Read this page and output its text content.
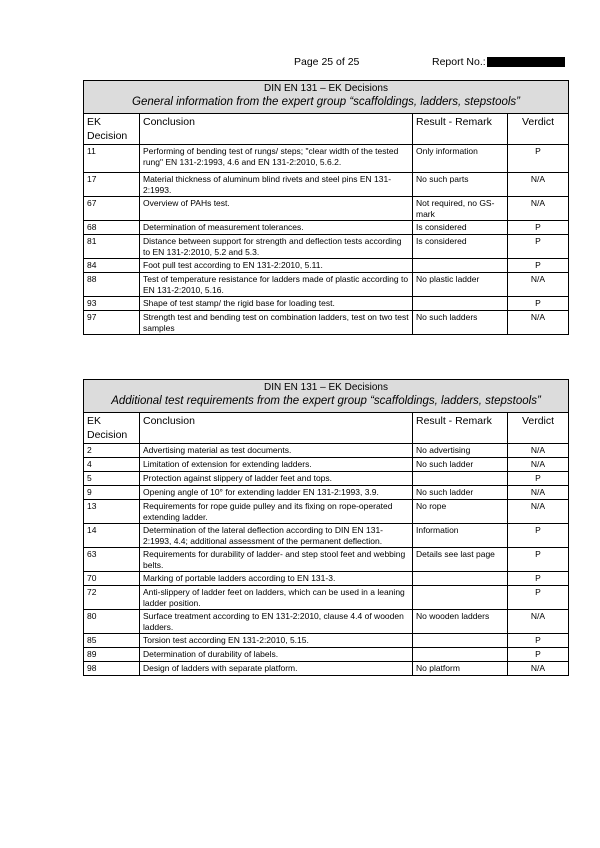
Page 25 of 25	Report No.:
DIN EN 131 – EK Decisions
General information from the expert group “scaffoldings, ladders, stepstools”			

EK Decision	Conclusion	Result - Remark	Verdict
11	Performing of bending test of rungs/ steps; "clear width of the tested rung" EN 131-2:1993, 4.6 and EN 131-2:2010, 5.6.2.	Only information	P
17	Material thickness of aluminum blind rivets and steel pins EN 131-2:1993.	No such parts	N/A
67	Overview of PAHs test.	Not required, no GS-mark	N/A
68	Determination of measurement tolerances.	Is considered	P
81	Distance between support for strength and deflection tests according to EN 131-2:2010, 5.2 and 5.3.	Is considered	P
84	Foot pull test according to EN 131-2:2010, 5.11.		P
88	Test of temperature resistance for ladders made of plastic according to EN 131-2:2010, 5.16.	No plastic ladder	N/A
93	Shape of test stamp/ the rigid base for loading test.		P
97	Strength test and bending test on combination ladders, test on two test samples	No such ladders	N/A
DIN EN 131 – EK Decisions
Additional test requirements from the expert group “scaffoldings, ladders, stepstools”			

EK Decision	Conclusion	Result - Remark	Verdict
2	Advertising material as test documents.	No advertising	N/A
4	Limitation of extension for extending ladders.	No such ladder	N/A
5	Protection against slippery of ladder feet and tops.		P
9	Opening angle of 10° for extending ladder EN 131-2:1993, 3.9.	No such ladder	N/A
13	Requirements for rope guide pulley and its fixing on rope-operated extending ladder.	No rope	N/A
14	Determination of the lateral deflection according to DIN EN 131-2:1993, 4.4; additional assessment of the permanent deflection.	Information	P
63	Requirements for durability of ladder- and step stool feet and webbing belts.	Details see last page	P
70	Marking of portable ladders according to EN 131-3.		P
72	Anti-slippery of ladder feet on ladders, which can be used in a leaning ladder position.		P
80	Surface treatment according to EN 131-2:2010, clause 4.4 of wooden ladders.	No wooden ladders	N/A
85	Torsion test according EN 131-2:2010, 5.15.		P
89	Determination of durability of labels.		P
98	Design of ladders with separate platform.	No platform	N/A
